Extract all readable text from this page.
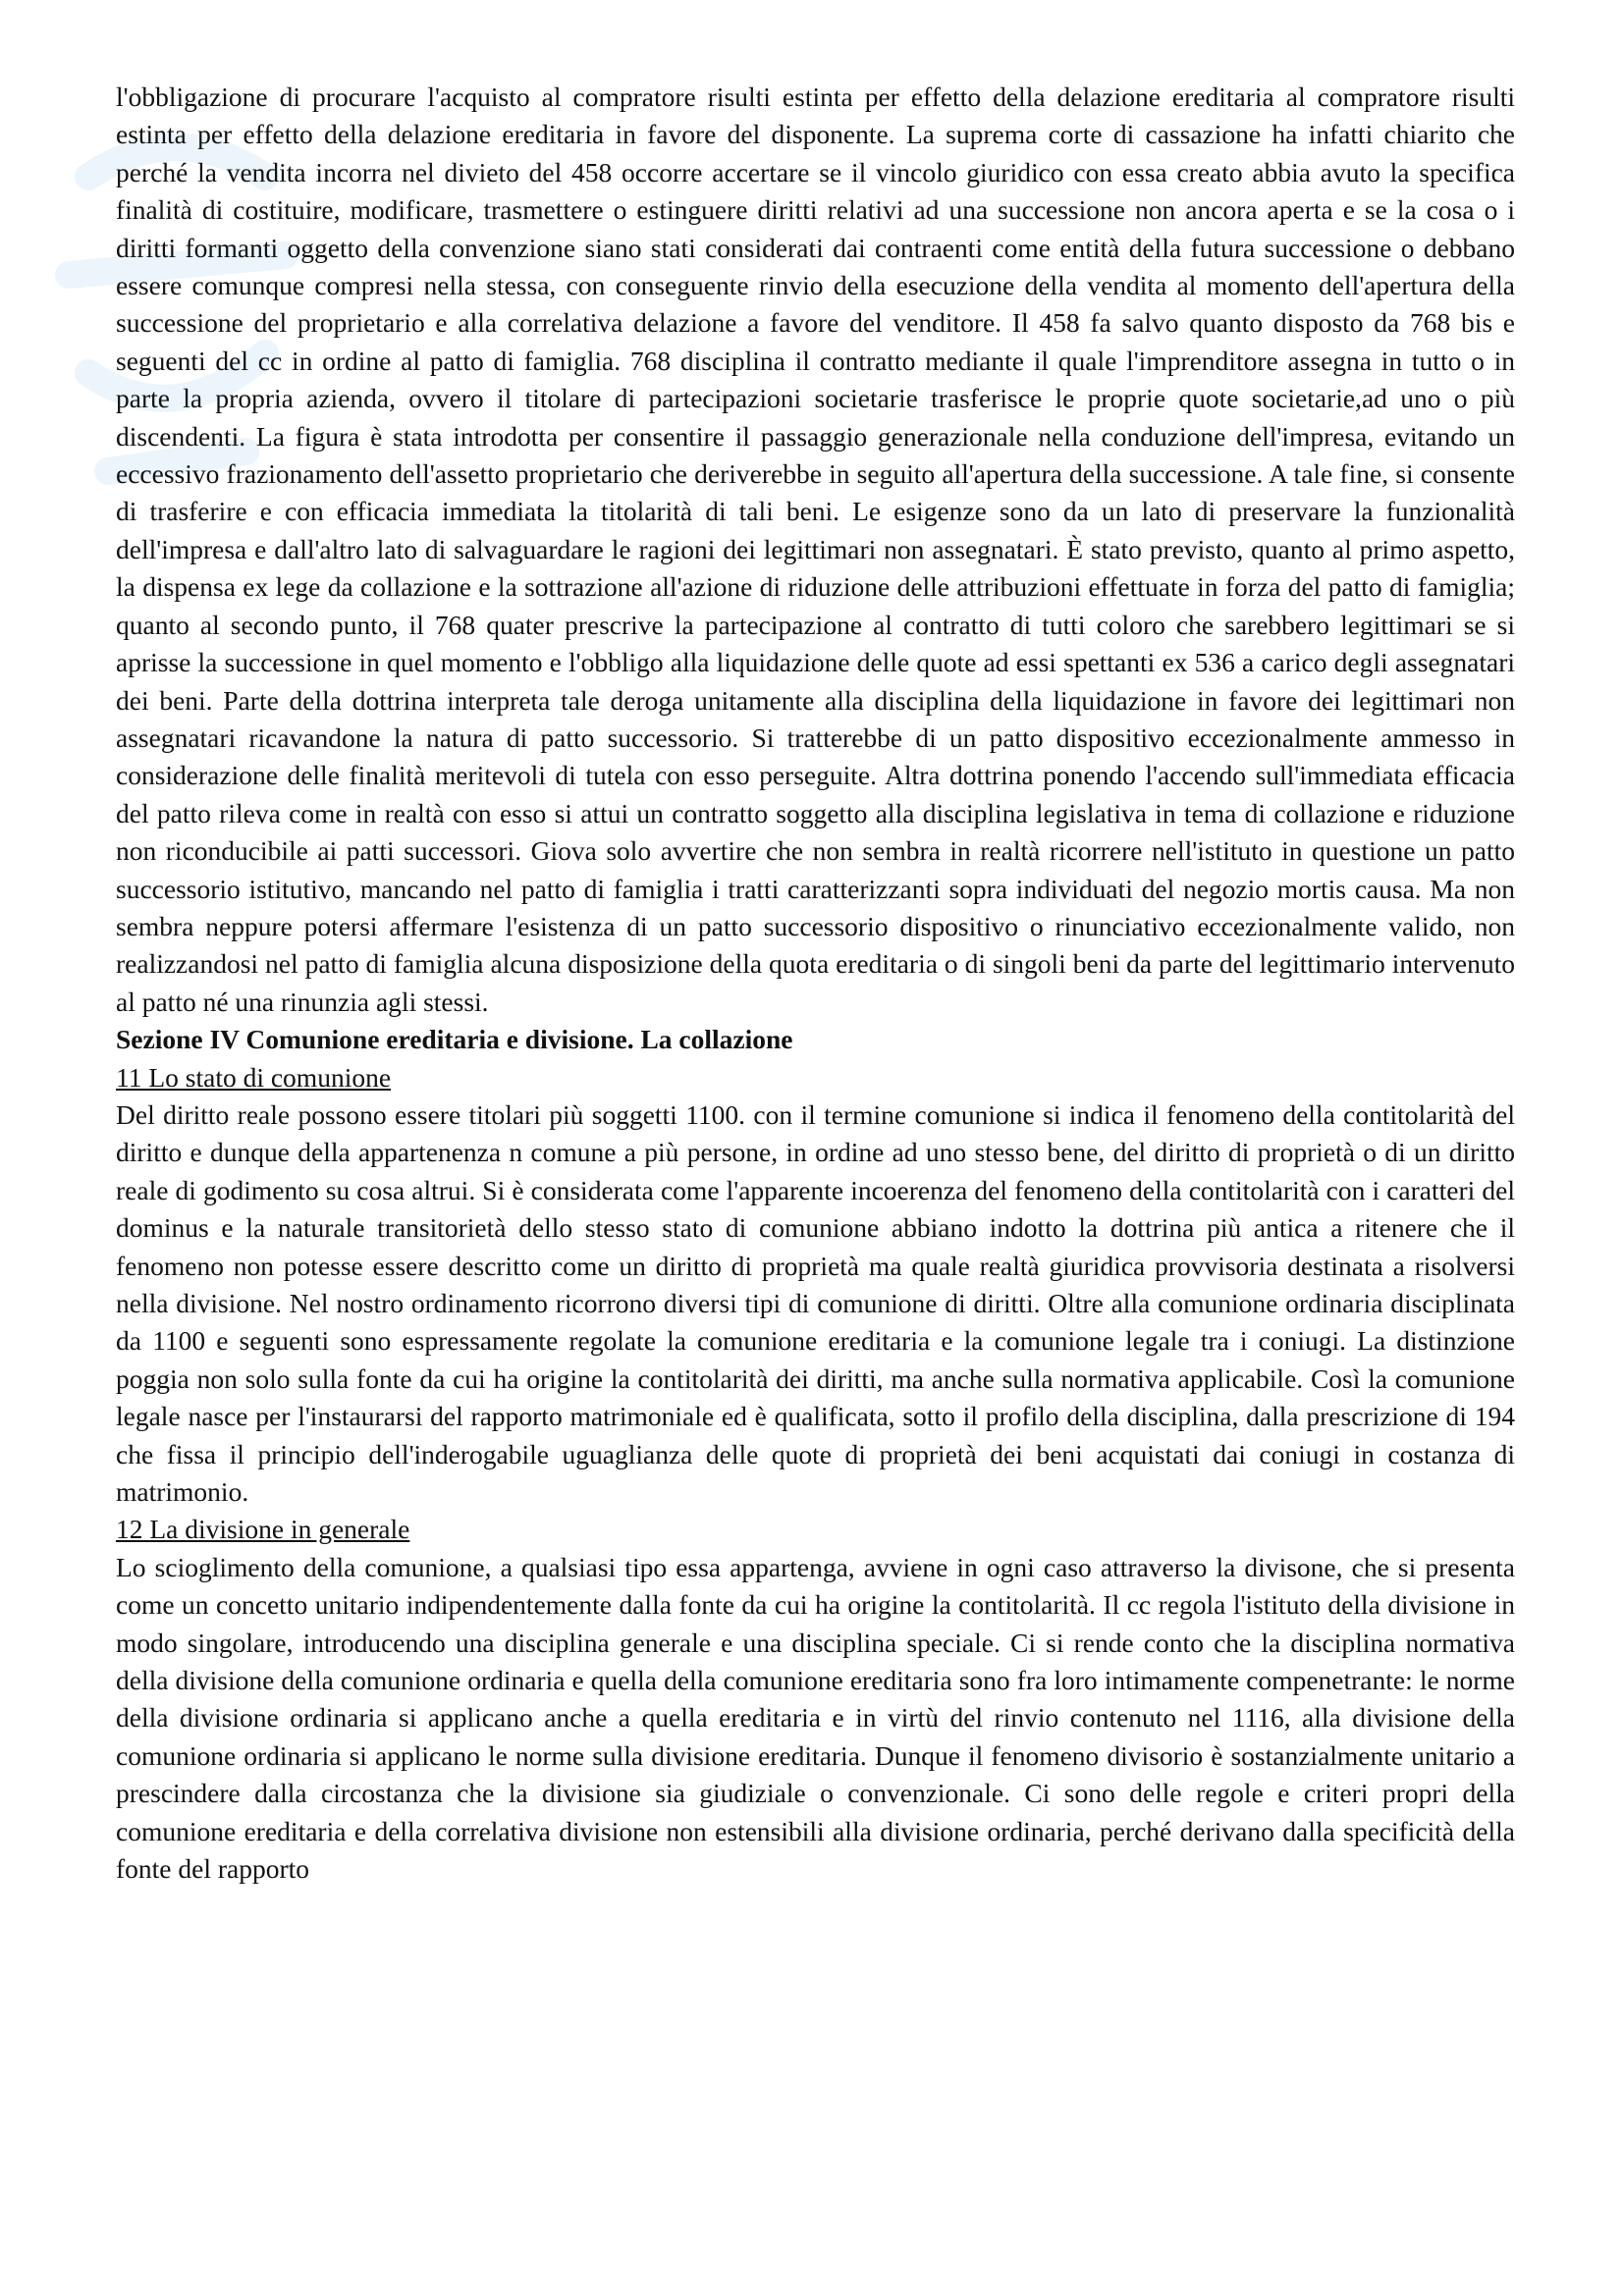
l'obbligazione di procurare l'acquisto al compratore risulti estinta per effetto della delazione ereditaria al compratore risulti estinta per effetto della delazione ereditaria in favore del disponente. La suprema corte di cassazione ha infatti chiarito che perché la vendita incorra nel divieto del 458 occorre accertare se il vincolo giuridico con essa creato abbia avuto la specifica finalità di costituire, modificare, trasmettere o estinguere diritti relativi ad una successione non ancora aperta e se la cosa o i diritti formanti oggetto della convenzione siano stati considerati dai contraenti come entità della futura successione o debbano essere comunque compresi nella stessa, con conseguente rinvio della esecuzione della vendita al momento dell'apertura della successione del proprietario e alla correlativa delazione a favore del venditore. Il 458 fa salvo quanto disposto da 768 bis e seguenti del cc in ordine al patto di famiglia. 768 disciplina il contratto mediante il quale l'imprenditore assegna in tutto o in parte la propria azienda, ovvero il titolare di partecipazioni societarie trasferisce le proprie quote societarie,ad uno o più discendenti. La figura è stata introdotta per consentire il passaggio generazionale nella conduzione dell'impresa, evitando un eccessivo frazionamento dell'assetto proprietario che deriverebbe in seguito all'apertura della successione. A tale fine, si consente di trasferire e con efficacia immediata la titolarità di tali beni. Le esigenze sono da un lato di preservare la funzionalità dell'impresa e dall'altro lato di salvaguardare le ragioni dei legittimari non assegnatari. È stato previsto, quanto al primo aspetto, la dispensa ex lege da collazione e la sottrazione all'azione di riduzione delle attribuzioni effettuate in forza del patto di famiglia; quanto al secondo punto, il 768 quater prescrive la partecipazione al contratto di tutti coloro che sarebbero legittimari se si aprisse la successione in quel momento e l'obbligo alla liquidazione delle quote ad essi spettanti ex 536 a carico degli assegnatari dei beni. Parte della dottrina interpreta tale deroga unitamente alla disciplina della liquidazione in favore dei legittimari non assegnatari ricavandone la natura di patto successorio. Si tratterebbe di un patto dispositivo eccezionalmente ammesso in considerazione delle finalità meritevoli di tutela con esso perseguite. Altra dottrina ponendo l'accendo sull'immediata efficacia del patto rileva come in realtà con esso si attui un contratto soggetto alla disciplina legislativa in tema di collazione e riduzione non riconducibile ai patti successori. Giova solo avvertire che non sembra in realtà ricorrere nell'istituto in questione un patto successorio istitutivo, mancando nel patto di famiglia i tratti caratterizzanti sopra individuati del negozio mortis causa. Ma non sembra neppure potersi affermare l'esistenza di un patto successorio dispositivo o rinunciativo eccezionalmente valido, non realizzandosi nel patto di famiglia alcuna disposizione della quota ereditaria o di singoli beni da parte del legittimario intervenuto al patto né una rinunzia agli stessi.

Sezione IV Comunione ereditaria e divisione. La collazione

11 Lo stato di comunione

Del diritto reale possono essere titolari più soggetti 1100. con il termine comunione si indica il fenomeno della contitolarità del diritto e dunque della appartenenza n comune a più persone, in ordine ad uno stesso bene, del diritto di proprietà o di un diritto reale di godimento su cosa altrui. Si è considerata come l'apparente incoerenza del fenomeno della contitolarità con i caratteri del dominus e la naturale transitorietà dello stesso stato di comunione abbiano indotto la dottrina più antica a ritenere che il fenomeno non potesse essere descritto come un diritto di proprietà ma quale realtà giuridica provvisoria destinata a risolversi nella divisione. Nel nostro ordinamento ricorrono diversi tipi di comunione di diritti. Oltre alla comunione ordinaria disciplinata da 1100 e seguenti sono espressamente regolate la comunione ereditaria e la comunione legale tra i coniugi. La distinzione poggia non solo sulla fonte da cui ha origine la contitolarità dei diritti, ma anche sulla normativa applicabile. Così la comunione legale nasce per l'instaurarsi del rapporto matrimoniale ed è qualificata, sotto il profilo della disciplina, dalla prescrizione di 194 che fissa il principio dell'inderogabile uguaglianza delle quote di proprietà dei beni acquistati dai coniugi in costanza di matrimonio.

12 La divisione in generale

Lo scioglimento della comunione, a qualsiasi tipo essa appartenga, avviene in ogni caso attraverso la divisone, che si presenta come un concetto unitario indipendentemente dalla fonte da cui ha origine la contitolarità. Il cc regola l'istituto della divisione in modo singolare, introducendo una disciplina generale e una disciplina speciale. Ci si rende conto che la disciplina normativa della divisione della comunione ordinaria e quella della comunione ereditaria sono fra loro intimamente compenetrante: le norme della divisione ordinaria si applicano anche a quella ereditaria e in virtù del rinvio contenuto nel 1116, alla divisione della comunione ordinaria si applicano le norme sulla divisione ereditaria. Dunque il fenomeno divisorio è sostanzialmente unitario a prescindere dalla circostanza che la divisione sia giudiziale o convenzionale. Ci sono delle regole e criteri propri della comunione ereditaria e della correlativa divisione non estensibili alla divisione ordinaria, perché derivano dalla specificità della fonte del rapporto
